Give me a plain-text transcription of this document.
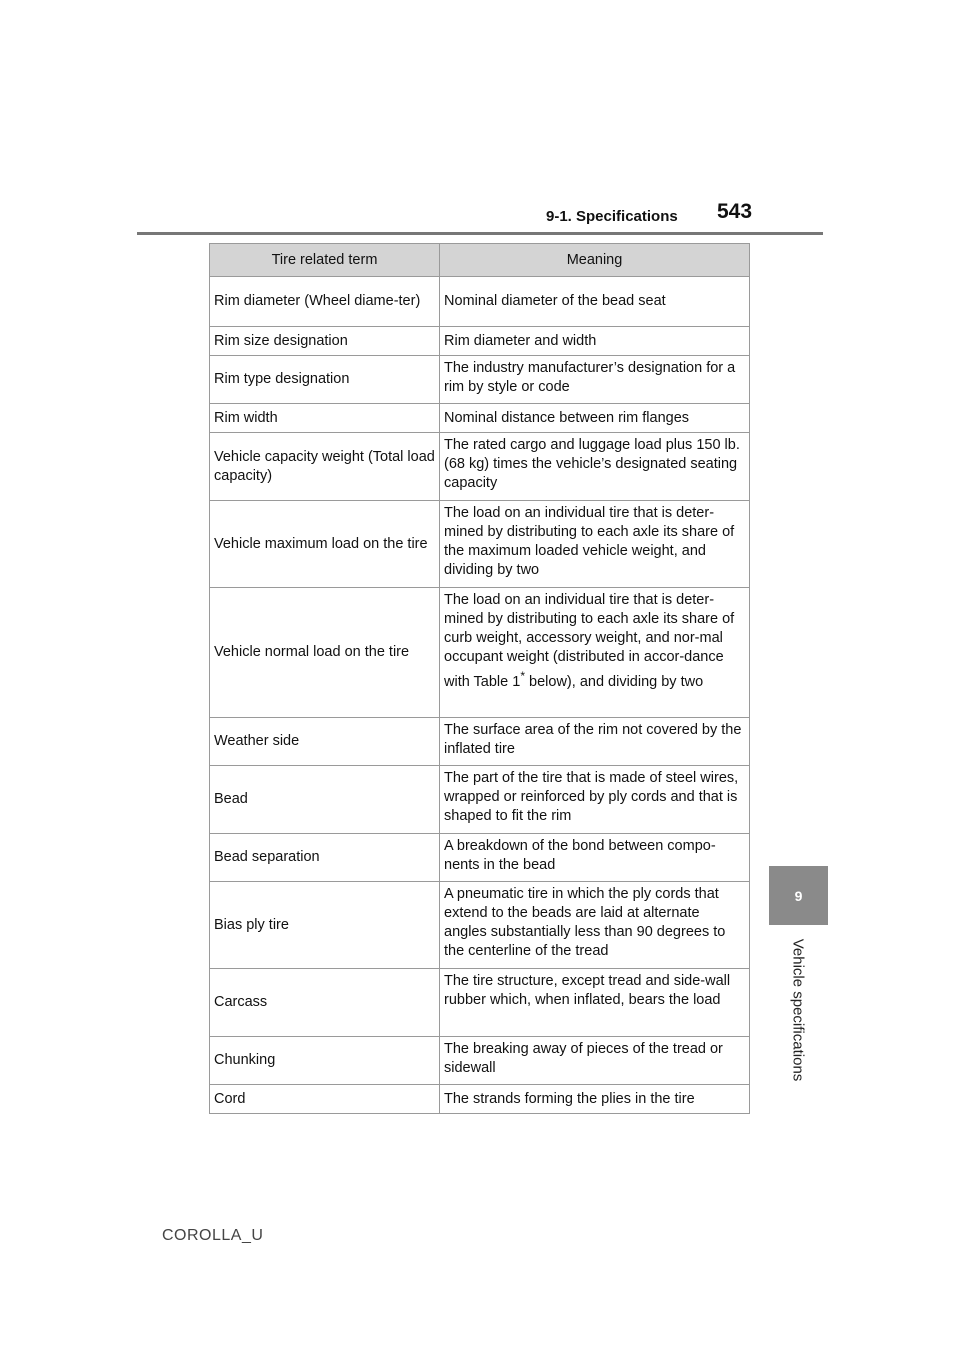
9-1. Specifications 543
9
Vehicle specifications
Tire related term	Meaning
Rim diameter (Wheel diame-ter)	Nominal diameter of the bead seat
Rim size designation	Rim diameter and width
Rim type designation	The industry manufacturer’s designation for a rim by style or code
Rim width	Nominal distance between rim flanges
Vehicle capacity weight (Total load capacity)	The rated cargo and luggage load plus 150 lb. (68 kg) times the vehicle’s designated seating capacity
Vehicle maximum load on the tire	The load on an individual tire that is deter-mined by distributing to each axle its share of the maximum loaded vehicle weight, and dividing by two
Vehicle normal load on the tire	The load on an individual tire that is deter-mined by distributing to each axle its share of curb weight, accessory weight, and nor-mal occupant weight (distributed in accor-dance with Table 1* below), and dividing by two
Weather side	The surface area of the rim not covered by the inflated tire
Bead	The part of the tire that is made of steel wires, wrapped or reinforced by ply cords and that is shaped to fit the rim
Bead separation	A breakdown of the bond between compo-nents in the bead
Bias ply tire	A pneumatic tire in which the ply cords that extend to the beads are laid at alternate angles substantially less than 90 degrees to the centerline of the tread
Carcass	The tire structure, except tread and side-wall rubber which, when inflated, bears the load
Chunking	The breaking away of pieces of the tread or sidewall
Cord	The strands forming the plies in the tire
COROLLA_U
